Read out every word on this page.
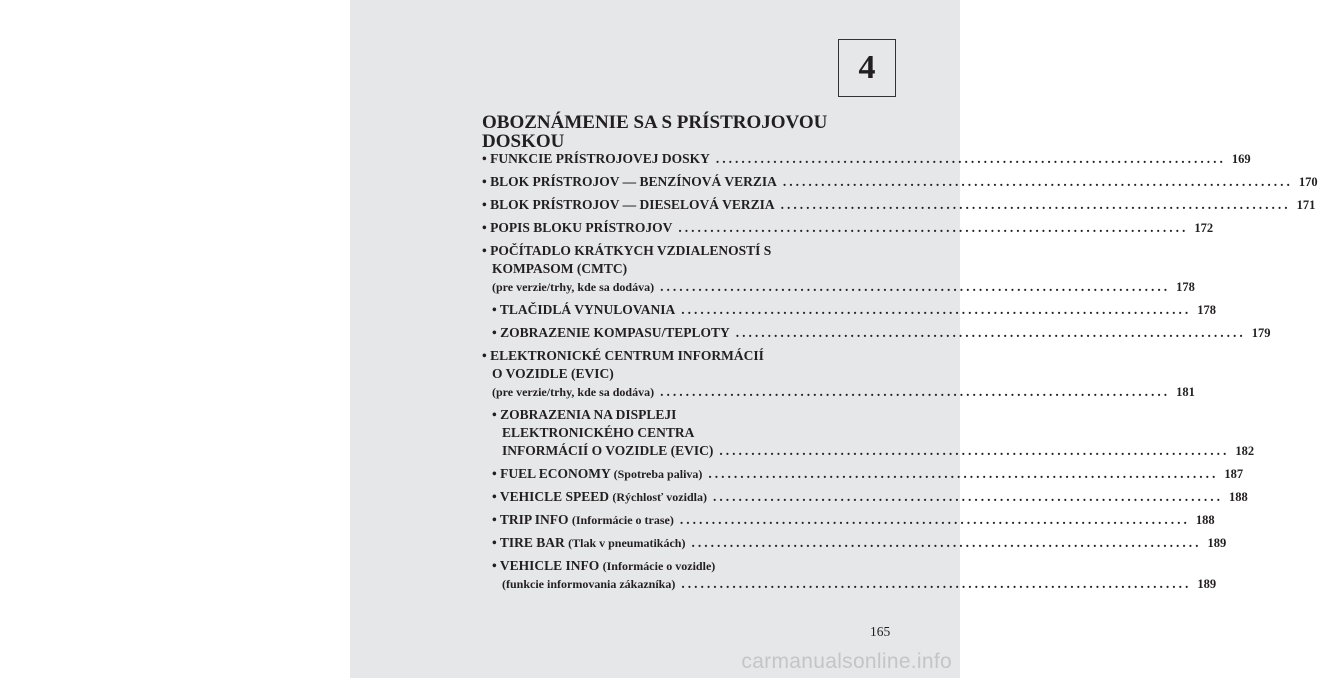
4
OBOZNÁMENIE SA S PRÍSTROJOVOU
DOSKOU
• FUNKCIE PRÍSTROJOVEJ DOSKY ................................................................................ 169
• BLOK PRÍSTROJOV — BENZÍNOVÁ VERZIA ................................................................................ 170
• BLOK PRÍSTROJOV — DIESELOVÁ VERZIA ................................................................................ 171
• POPIS BLOKU PRÍSTROJOV ................................................................................ 172
• POČÍTADLO KRÁTKYCH VZDIALENOSTÍ S
KOMPASOM (CMTC)
(pre verzie/trhy, kde sa dodáva) ................................................................................ 178
• TLAČIDLÁ VYNULOVANIA ................................................................................ 178
• ZOBRAZENIE KOMPASU/TEPLOTY ................................................................................ 179
• ELEKTRONICKÉ CENTRUM INFORMÁCIÍ
O VOZIDLE (EVIC)
(pre verzie/trhy, kde sa dodáva) ................................................................................ 181
• ZOBRAZENIA NA DISPLEJI
ELEKTRONICKÉHO CENTRA
INFORMÁCIÍ O VOZIDLE (EVIC) ................................................................................ 182
• FUEL ECONOMY (Spotreba paliva) ................................................................................ 187
• VEHICLE SPEED (Rýchlosť vozidla) ................................................................................ 188
• TRIP INFO (Informácie o trase) ................................................................................ 188
• TIRE BAR (Tlak v pneumatikách) ................................................................................ 189
• VEHICLE INFO (Informácie o vozidle)
(funkcie informovania zákazníka) ................................................................................ 189
165
carmanualsonline.info
